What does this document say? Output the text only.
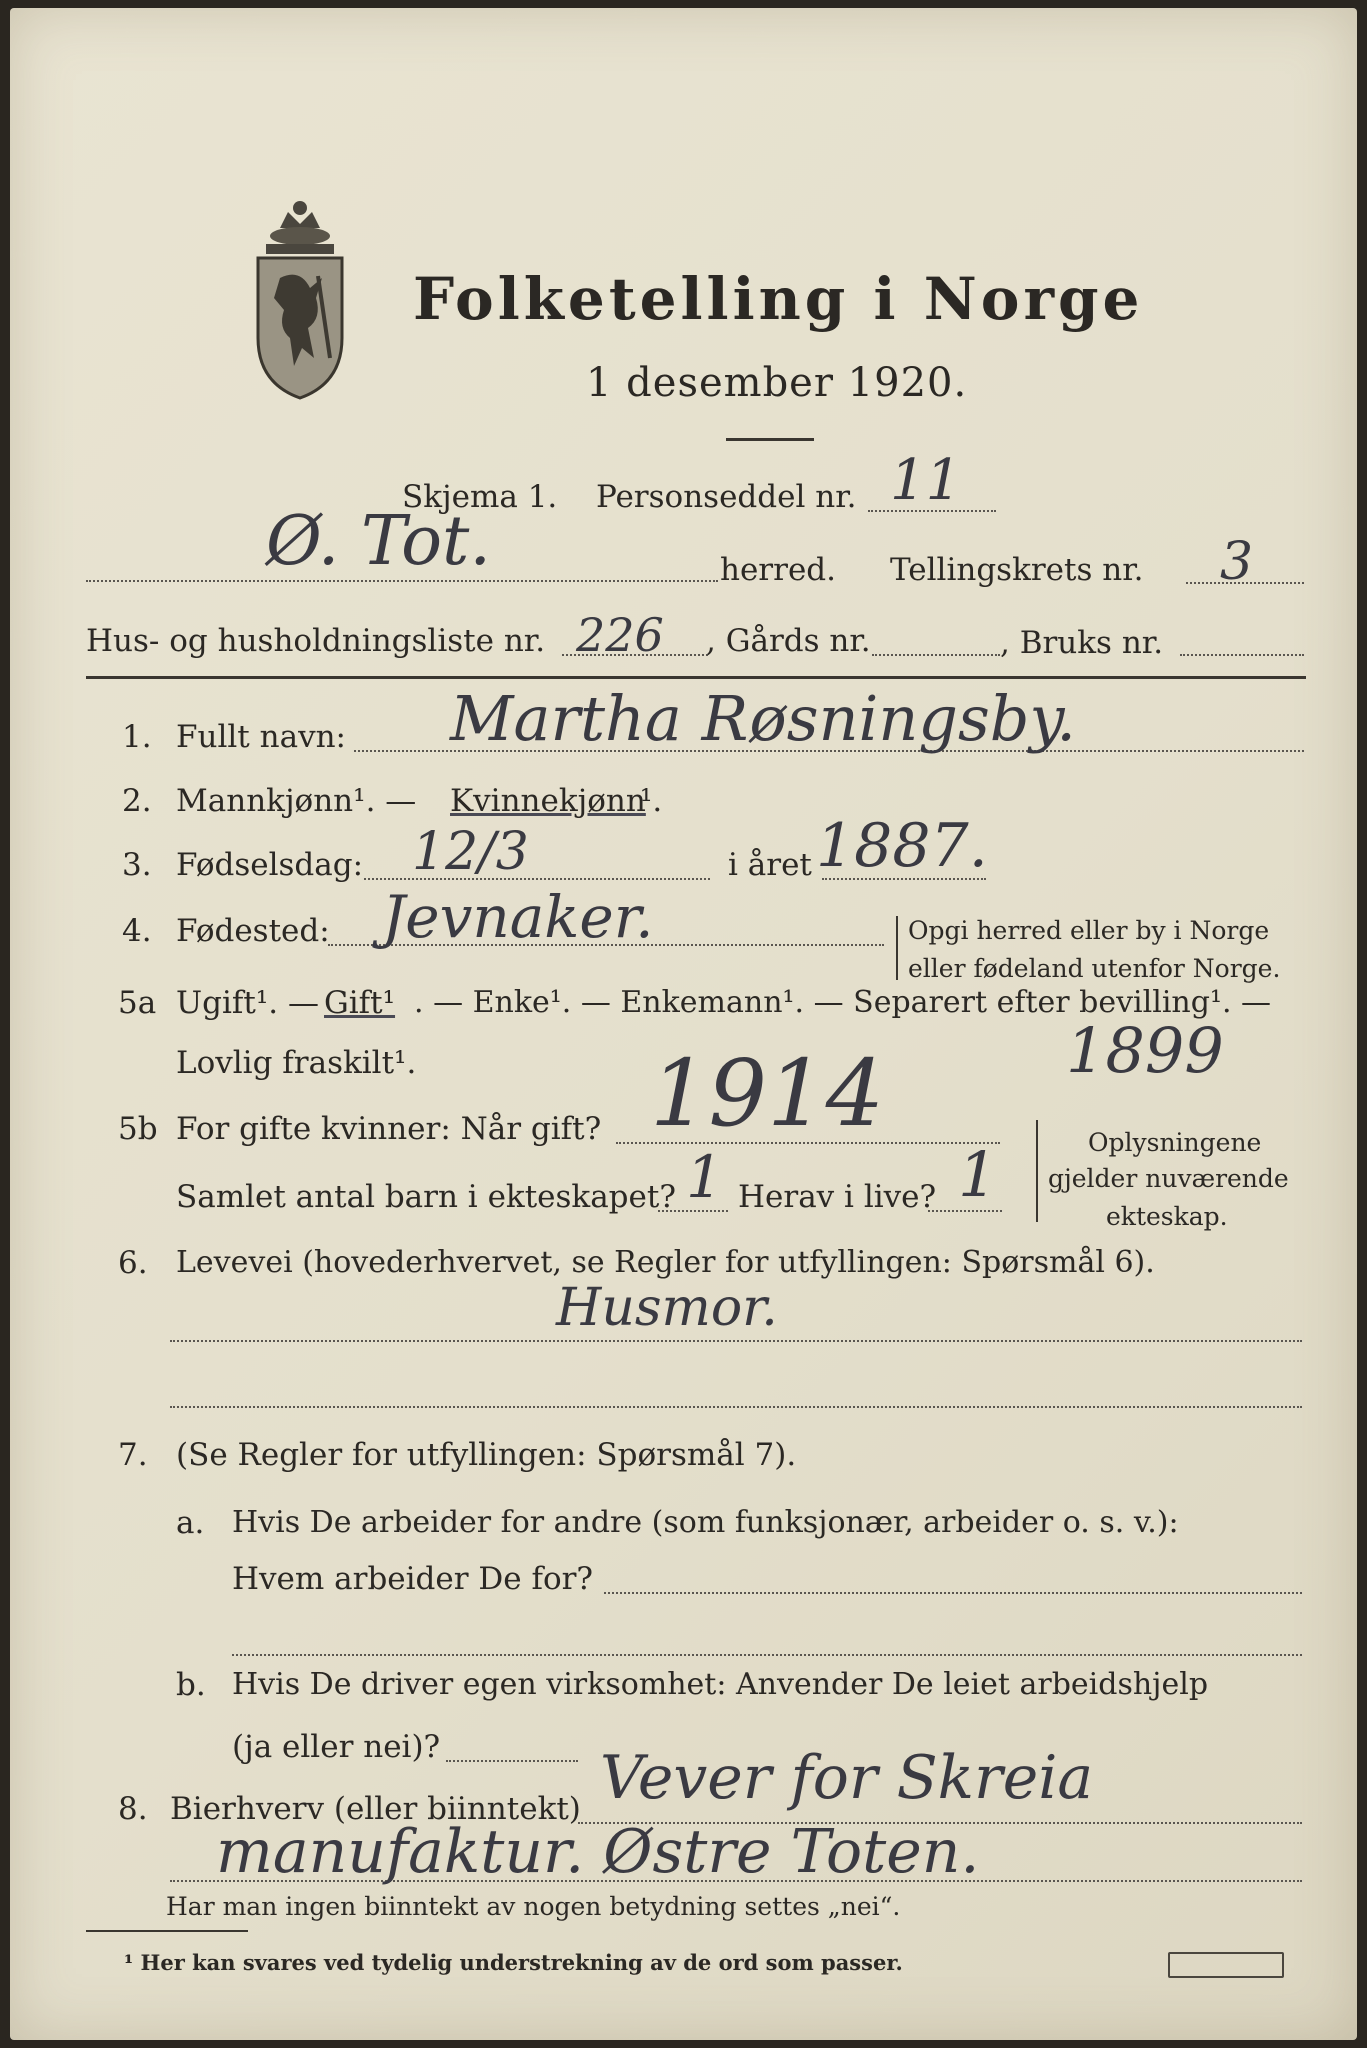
Folketelling i Norge
1 desember 1920.
Skjema 1. Personseddel nr. 11
Ø. Tot.	herred. Tellingskrets nr. 3
Hus- og husholdningsliste nr. 226 , Gårds nr.	, Bruks nr.
1. Fullt navn: Martha Røsningsby.
2. Mannkjønn¹. — Kvinnekjønn
¹.
3. Fødselsdag: 12/3	i året 1887.
4. Fødested: Jevnaker.	Opgi herred eller by i Norge
eller fødeland utenfor Norge.
5a Ugift¹. — Gift¹ . — Enke¹. — Enkemann¹. — Separert efter bevilling¹. —
Lovlig fraskilt¹.	1899
5b For gifte kvinner: Når gift? 1914
Samlet antal barn i ekteskapet? 1 Herav i live? 1	Oplysningene
gjelder nuværende
ekteskap.
6. Levevei (hovederhvervet, se Regler for utfyllingen: Spørsmål 6).
Husmor.
7. (Se Regler for utfyllingen: Spørsmål 7).
a. Hvis De arbeider for andre (som funksjonær, arbeider o. s. v.):
Hvem arbeider De for?
b. Hvis De driver egen virksomhet: Anvender De leiet arbeidshjelp
(ja eller nei)?
8. Bierhverv (eller biinntekt) Vever for Skreia
manufaktur. Østre Toten.
Har man ingen biinntekt av nogen betydning settes „nei“.
¹ Her kan svares ved tydelig understrekning av de ord som passer.
